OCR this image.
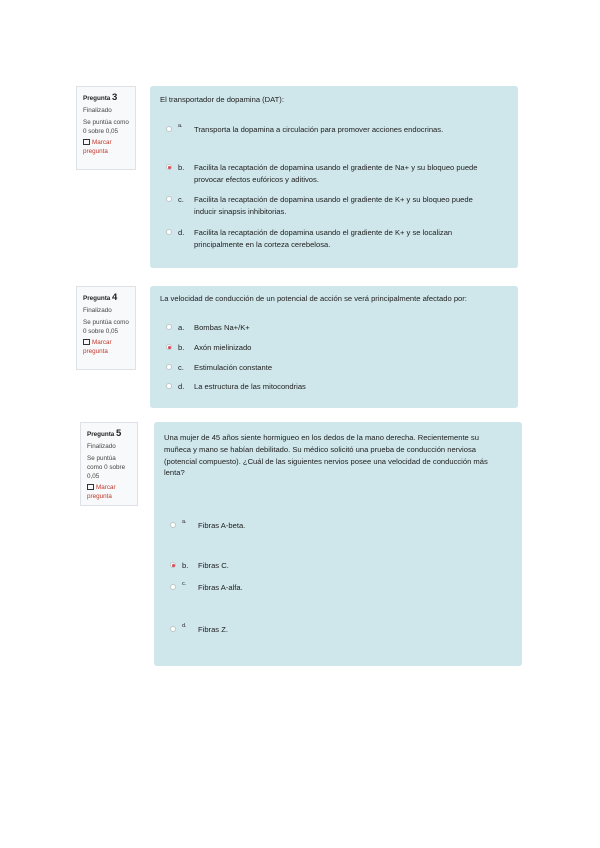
Pregunta 3
Finalizado
Se puntúa como 0 sobre 0,05
Marcar pregunta
El transportador de dopamina (DAT):
a.	Transporta la dopamina a circulación para promover acciones endocrinas.
b.	Facilita la recaptación de dopamina usando el gradiente de Na+ y su bloqueo puede provocar efectos eufóricos y aditivos.
c.	Facilita la recaptación de dopamina usando el gradiente de K+ y su bloqueo puede inducir sinapsis inhibitorias.
d.	Facilita la recaptación de dopamina usando el gradiente de K+ y se localizan principalmente en la corteza cerebelosa.
Pregunta 4
Finalizado
Se puntúa como 0 sobre 0,05
Marcar pregunta
La velocidad de conducción de un potencial de acción se verá principalmente afectado por:
a.	Bombas Na+/K+
b.	Axón mielinizado
c.	Estimulación constante
d.	La estructura de las mitocondrias
Pregunta 5
Finalizado
Se puntúa como 0 sobre 0,05
Marcar pregunta
Una mujer de 45 años siente hormigueo en los dedos de la mano derecha. Recientemente su muñeca y mano se habían debilitado. Su médico solicitó una prueba de conducción nerviosa (potencial compuesto). ¿Cuál de las siguientes nervios posee una velocidad de conducción más lenta?
a.	Fibras A-beta.
b.	Fibras C.
c.	Fibras A-alfa.
d.	Fibras Z.
